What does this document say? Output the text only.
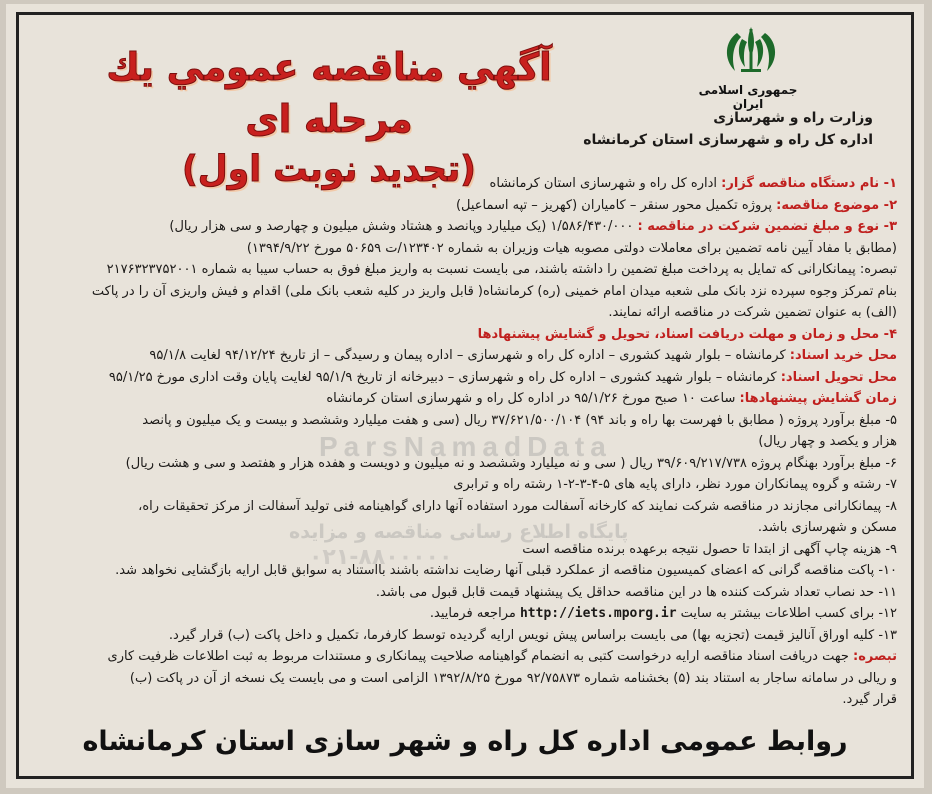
جمهوری اسلامی ایران
وزارت راه و شهرسازی
اداره کل راه و شهرسازی استان کرمانشاه
آگهي مناقصه عمومي يك مرحله ای
(تجدید نوبت اول)	۱- نام دستگاه مناقصه گزار: اداره کل راه و شهرسازی استان کرمانشاه
۲- موضوع مناقصه: پروژه تکمیل محور سنقر – کامیاران (کهریز – تپه اسماعیل)
۳- نوع و مبلغ تضمین شرکت در مناقصه : ۱/۵۸۶/۴۳۰/۰۰۰ (یک میلیارد وپانصد و هشتاد وشش میلیون و چهارصد و سی هزار ریال)
(مطابق با مفاد آیین نامه تضمین برای معاملات دولتی مصوبه هیات وزیران به شماره ۱۲۳۴۰۲/ت ۵۰۶۵۹ مورخ ۱۳۹۴/۹/۲۲)
تبصره: پیمانکارانی که تمایل به پرداخت مبلغ تضمین را داشته باشند، می بایست نسبت به واریز مبلغ فوق به حساب سیبا به شماره ۲۱۷۶۳۲۳۷۵۲۰۰۱
بنام تمرکز وجوه سپرده نزد بانک ملی شعبه میدان امام خمینی (ره) کرمانشاه( قابل واریز در کلیه شعب بانک ملی) اقدام و فیش واریزی آن را در پاکت
(الف) به عنوان تضمین شرکت در مناقصه ارائه نمایند.
۴- محل و زمان و مهلت دریافت اسناد، تحویل و گشایش پیشنهادها
محل خرید اسناد: کرمانشاه – بلوار شهید کشوری – اداره کل راه و شهرسازی – اداره پیمان و رسیدگی – از تاریخ ۹۴/۱۲/۲۴ لغایت ۹۵/۱/۸
محل تحویل اسناد: کرمانشاه – بلوار شهید کشوری – اداره کل راه و شهرسازی – دبیرخانه از تاریخ ۹۵/۱/۹ لغایت پایان وقت اداری مورخ ۹۵/۱/۲۵
زمان گشایش پیشنهادها: ساعت ۱۰ صبح مورخ ۹۵/۱/۲۶ در اداره کل راه و شهرسازی استان کرمانشاه
۵- مبلغ برآورد پروژه ( مطابق با فهرست بها راه و باند ۹۴) ۳۷/۶۲۱/۵۰۰/۱۰۴ ریال (سی و هفت میلیارد وششصد و بیست و یک میلیون و پانصد
هزار و یکصد و چهار ریال)
۶- مبلغ برآورد بهنگام پروژه ۳۹/۶۰۹/۲۱۷/۷۳۸ ریال ( سی و نه میلیارد وششصد و نه میلیون و دویست و هفده هزار و هفتصد و سی و هشت ریال)
۷- رشته و گروه پیمانکاران مورد نظر، دارای پایه های ۵-۴-۳-۲-۱ رشته راه و ترابری
۸- پیمانکارانی مجازند در مناقصه شرکت نمایند که کارخانه آسفالت مورد استفاده آنها دارای گواهینامه فنی تولید آسفالت از مرکز تحقیقات راه،
مسکن و شهرسازی باشد.
۹- هزینه چاپ آگهی از ابتدا تا حصول نتیجه برعهده برنده مناقصه است
۱۰- پاکت مناقصه گرانی که اعضای کمیسیون مناقصه از عملکرد قبلی آنها رضایت نداشته باشند بااستناد به سوابق قابل ارایه بازگشایی نخواهد شد.
۱۱- حد نصاب تعداد شرکت کننده ها در این مناقصه حداقل یک پیشنهاد قیمت قابل قبول می باشد.
۱۲- برای کسب اطلاعات بیشتر به سایت http://iets.mporg.ir مراجعه فرمایید.
۱۳- کلیه اوراق آنالیز قیمت (تجزیه بها) می بایست براساس پیش نویس ارایه گردیده توسط کارفرما، تکمیل و داخل پاکت (ب) قرار گیرد.
تبصره: جهت دریافت اسناد مناقصه ارایه درخواست کتبی به انضمام گواهینامه صلاحیت پیمانکاری و مستندات مربوط به ثبت اطلاعات ظرفیت کاری
و ریالی در سامانه ساجار به استناد بند (۵) بخشنامه شماره ۹۲/۷۵۸۷۳ مورخ ۱۳۹۲/۸/۲۵ الزامی است و می بایست یک نسخه از آن در پاکت (ب)
قرار گیرد.
ParsNamadData
پایگاه اطلاع رسانی مناقصه و مزایده
۰۲۱-۸۸۰۰۰۰۰
روابط عمومی اداره کل راه و شهر سازی استان کرمانشاه
